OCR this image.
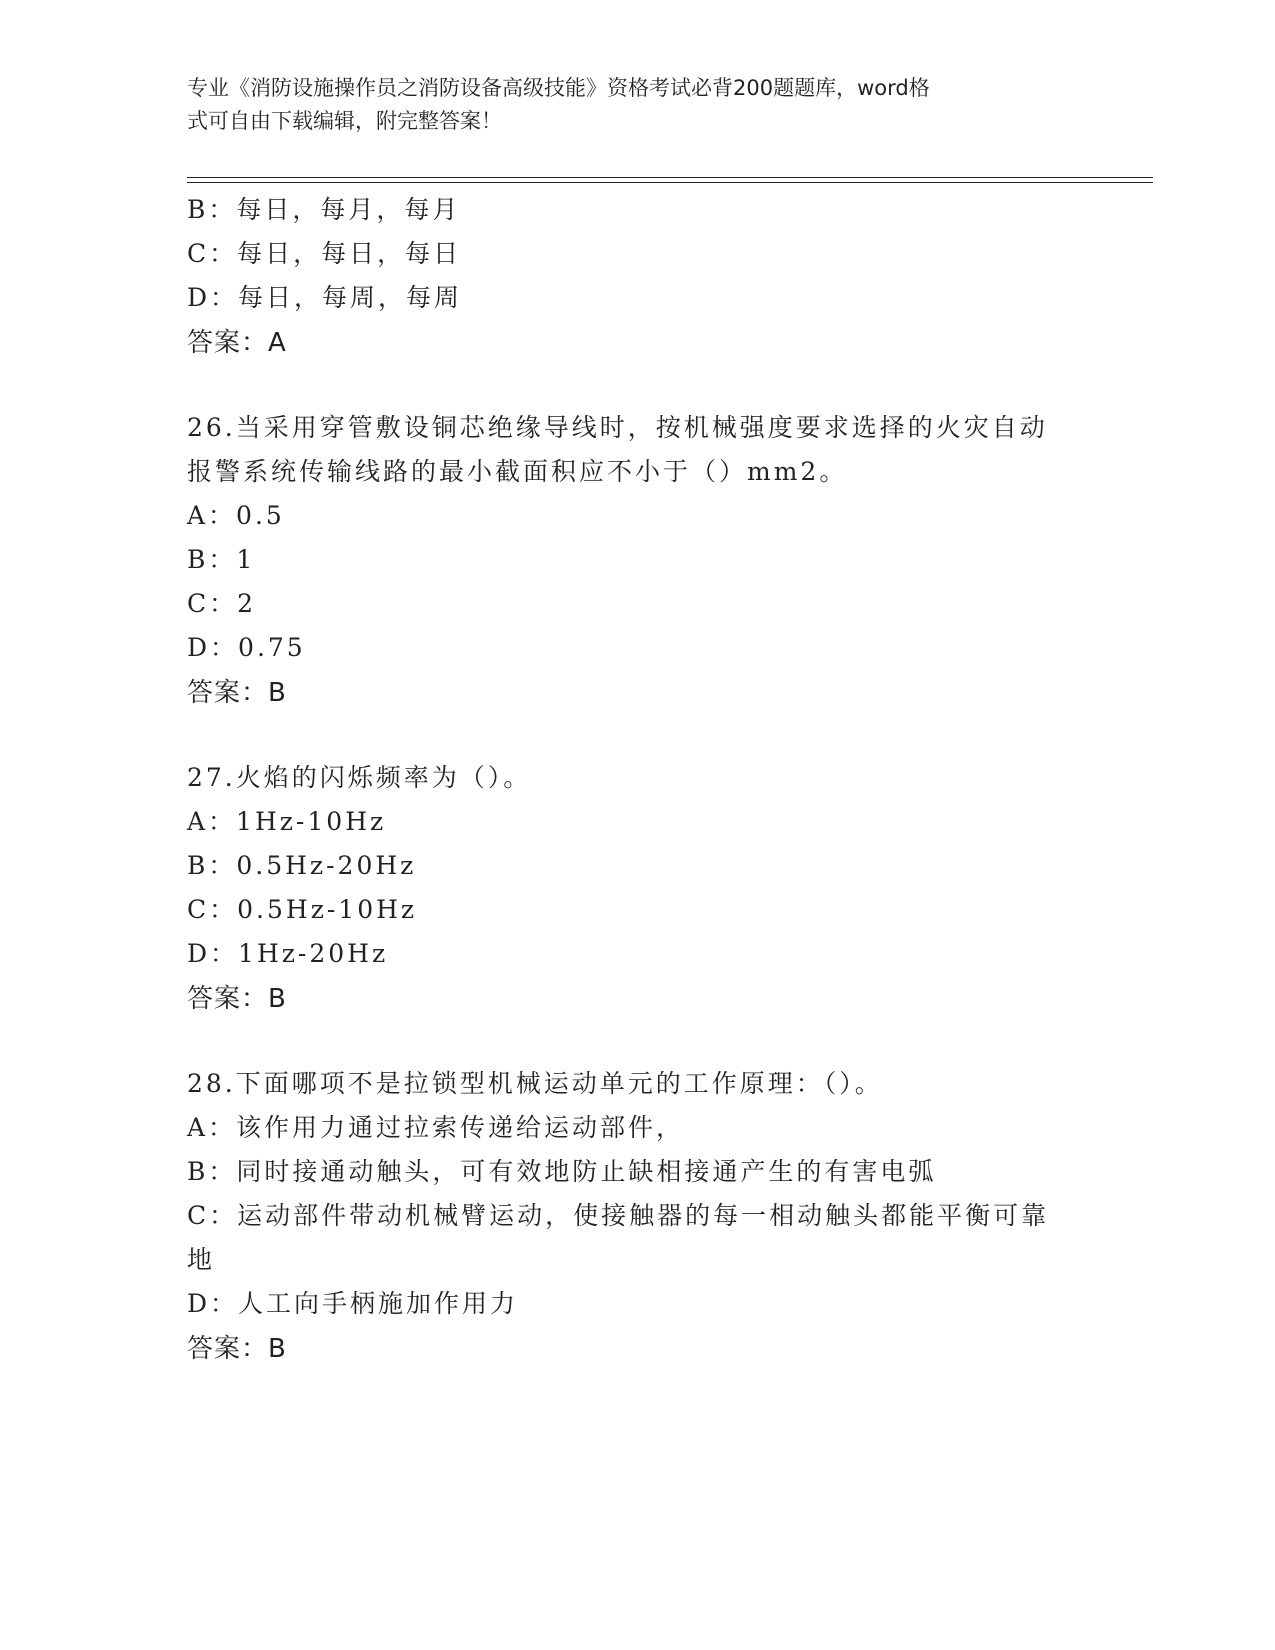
专业《消防设施操作员之消防设备高级技能》资格考试必背200题题库，word格
式可自由下载编辑，附完整答案！
B：每日，每月，每月
C：每日，每日，每日
D：每日，每周，每周
答案：A
26.当采用穿管敷设铜芯绝缘导线时，按机械强度要求选择的火灾自动
报警系统传输线路的最小截面积应不小于（）mm2。
A：0.5
B：1
C：2
D：0.75
答案：B
27.火焰的闪烁频率为（）。
A：1Hz-10Hz
B：0.5Hz-20Hz
C：0.5Hz-10Hz
D：1Hz-20Hz
答案：B
28.下面哪项不是拉锁型机械运动单元的工作原理：（）。
A：该作用力通过拉索传递给运动部件，
B：同时接通动触头，可有效地防止缺相接通产生的有害电弧
C：运动部件带动机械臂运动，使接触器的每一相动触头都能平衡可靠
地
D：人工向手柄施加作用力
答案：B
